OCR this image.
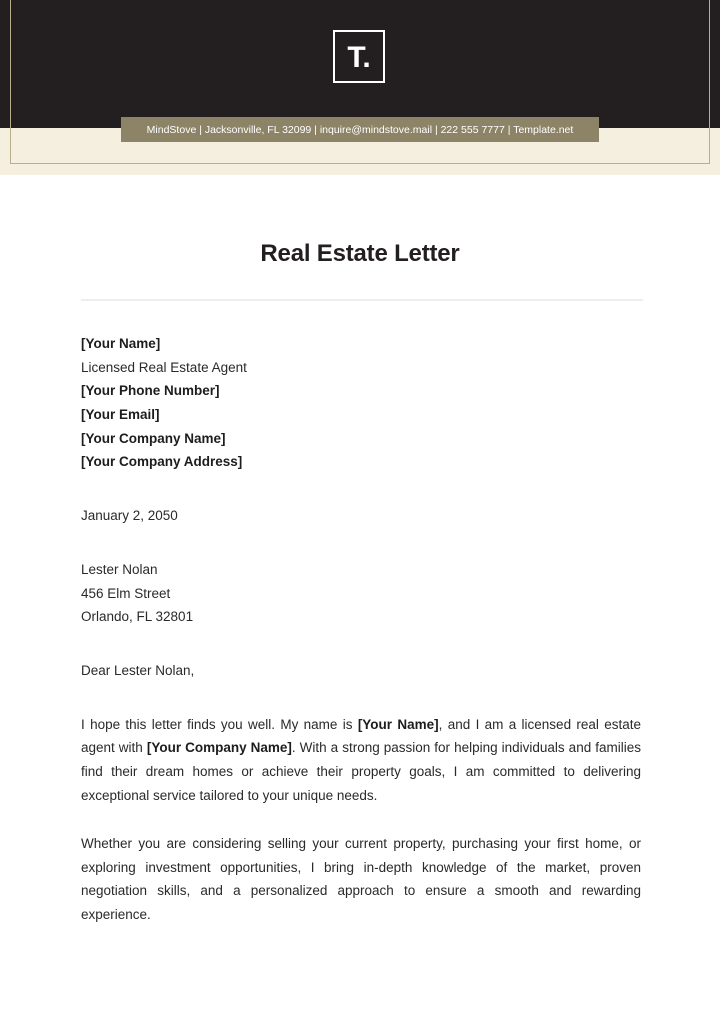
T.
MindStove | Jacksonville, FL 32099 | inquire@mindstove.mail | 222 555 7777 | Template.net
Real Estate Letter
[Your Name]
Licensed Real Estate Agent
[Your Phone Number]
[Your Email]
[Your Company Name]
[Your Company Address]
January 2, 2050
Lester Nolan
456 Elm Street
Orlando, FL 32801
Dear Lester Nolan,

I hope this letter finds you well. My name is [Your Name], and I am a licensed real estate agent with [Your Company Name]. With a strong passion for helping individuals and families find their dream homes or achieve their property goals, I am committed to delivering exceptional service tailored to your unique needs.

Whether you are considering selling your current property, purchasing your first home, or exploring investment opportunities, I bring in-depth knowledge of the market, proven negotiation skills, and a personalized approach to ensure a smooth and rewarding experience.
